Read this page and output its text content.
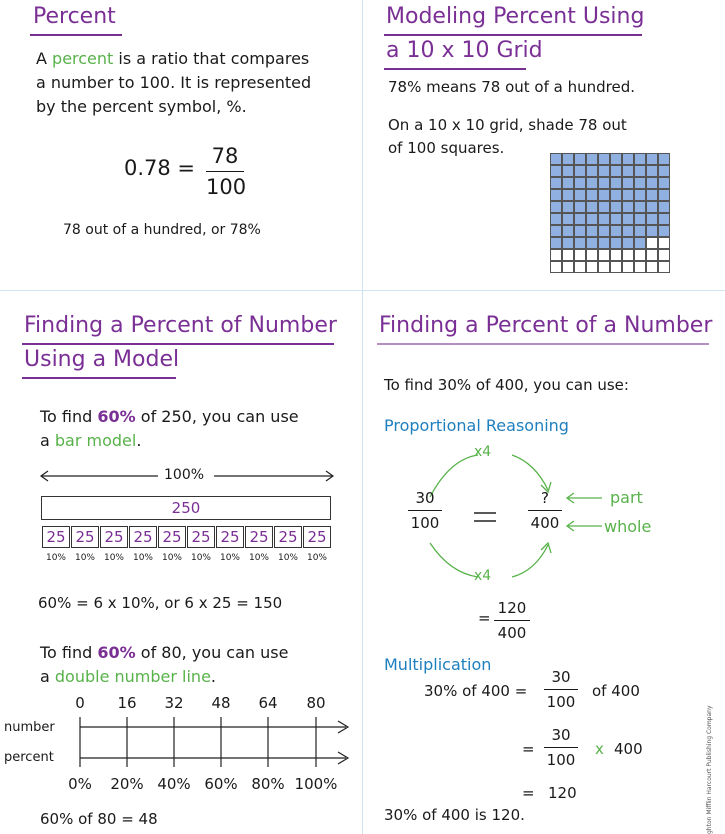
Percent
A percent is a ratio that compares
a number to 100. It is represented
by the percent symbol, %.
0.78 = 78
100
78 out of a hundred, or 78%
Modeling Percent Using
a 10 x 10 Grid
78% means 78 out of a hundred.
On a 10 x 10 grid, shade 78 out
of 100 squares.
Finding a Percent of Number
Using a Model
To find 60% of 250, you can use
a bar model.
100%
250
25 25 25 25 25 25 25 25 25 25
10% 10% 10% 10% 10% 10% 10% 10% 10% 10%
60% = 6 x 10%, or 6 x 25 = 150
To find 60% of 80, you can use
a double number line.
0	16	32	48	64	80
number
percent
0%	20% 40% 60% 80% 100%
60% of 80 = 48
Finding a Percent of a Number
To find 30% of 400, you can use:
Proportional Reasoning
x4
x4
30
100
?
400
part
whole
=
120
400
Multiplication
30% of 400 =
30
100
of 400
=
30
100
x 400
= 120
30% of 400 is 120.	ghton Mifflin Harcourt Publishing Company
